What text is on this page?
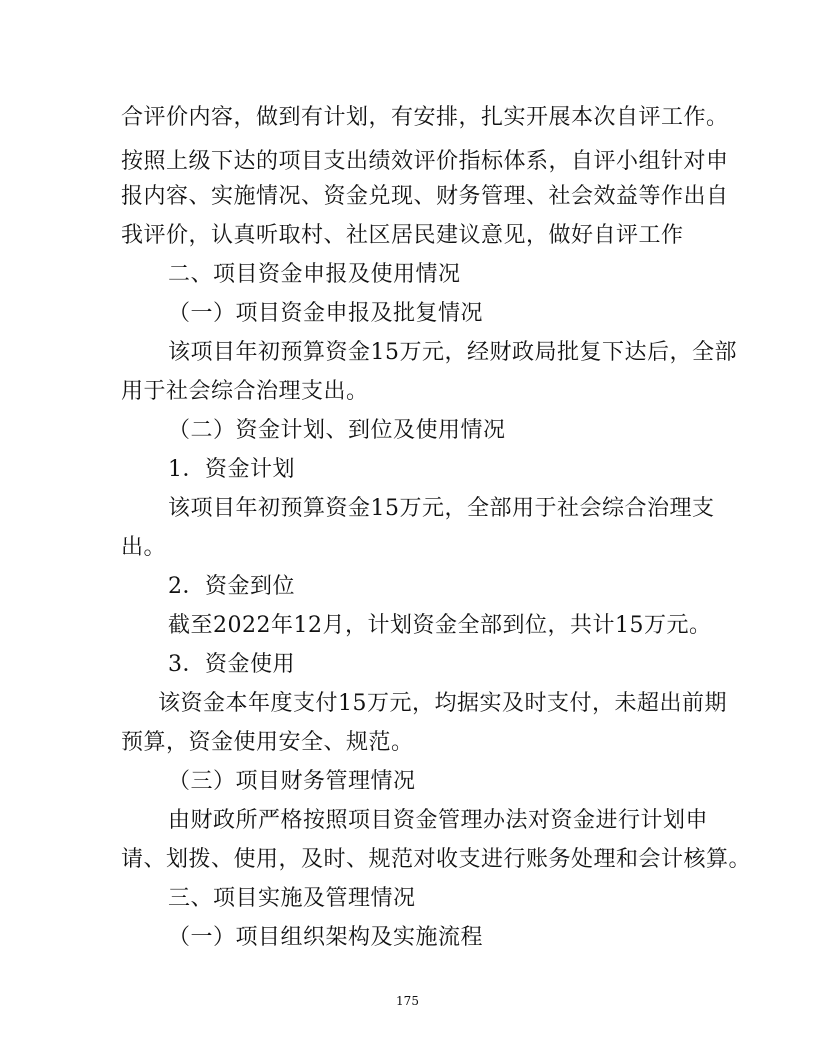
合评价内容，做到有计划，有安排，扎实开展本次自评工作。
按照上级下达的项目支出绩效评价指标体系，自评小组针对申
报内容、实施情况、资金兑现、财务管理、社会效益等作出自
我评价，认真听取村、社区居民建议意见，做好自评工作
二、项目资金申报及使用情况
（一）项目资金申报及批复情况
该项目年初预算资金15万元，经财政局批复下达后，全部
用于社会综合治理支出。
（二）资金计划、到位及使用情况
1．资金计划
该项目年初预算资金15万元，全部用于社会综合治理支
出。
2．资金到位
截至2022年12月，计划资金全部到位，共计15万元。
3．资金使用
该资金本年度支付15万元，均据实及时支付，未超出前期
预算，资金使用安全、规范。
（三）项目财务管理情况
由财政所严格按照项目资金管理办法对资金进行计划申
请、划拨、使用，及时、规范对收支进行账务处理和会计核算。
三、项目实施及管理情况
（一）项目组织架构及实施流程
175
